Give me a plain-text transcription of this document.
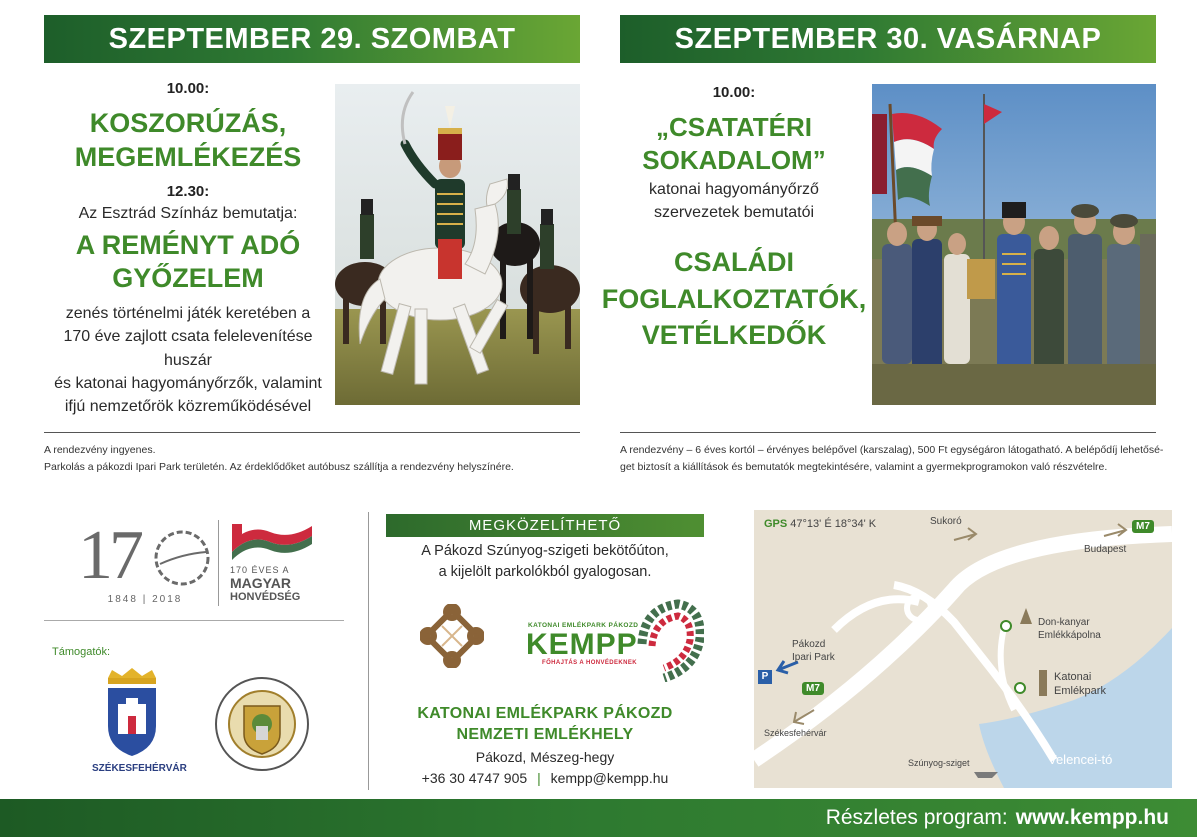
SZEPTEMBER 29. SZOMBAT	SZEPTEMBER 30. VASÁRNAP
10.00:
KOSZORÚZÁS,
MEGEMLÉKEZÉS
12.30:
Az Esztrád Színház bemutatja:
A REMÉNYT ADÓ
GYŐZELEM
zenés történelmi játék keretében a
170 éve zajlott csata felelevenítése huszár
és katonai hagyományőrzők, valamint
ifjú nemzetőrök közreműködésével
10.00:
„CSATATÉRI
SOKADALOM”
katonai hagyományőrző
szervezetek bemutatói
CSALÁDI
FOGLALKOZTATÓK,
VETÉLKEDŐK
A rendezvény ingyenes.
Parkolás a pákozdi Ipari Park területén. Az érdeklődőket autóbusz szállítja a rendezvény helyszínére.
A rendezvény – 6 éves kortól – érvényes belépővel (karszalag), 500 Ft egységáron látogatható. A belépődíj lehetősé-
get biztosít a kiállítások és bemutatók megtekintésére, valamint a gyermekprogramokon való részvételre.
17
1848 | 2018
170 ÉVES A
MAGYAR
HONVÉDSÉG
Támogatók:
SZÉKESFEHÉRVÁR
MEGKÖZELÍTHETŐ
A Pákozd Szúnyog-szigeti bekötőúton,
a kijelölt parkolókból gyalogosan.
KATONAI EMLÉKPARK PÁKOZD
KEMPP
FŐHAJTÁS A HONVÉDEKNEK
KATONAI EMLÉKPARK PÁKOZD
NEMZETI EMLÉKHELY
Pákozd, Mészeg-hegy
+36 30 4747 905 | kempp@kempp.hu
GPS 47°13' É 18°34' K	Sukoró	M7
Budapest
Don-kanyar
Emlékkápolna
Pákozd
Ipari Park
P
M7
Katonai
Emlékpark
Székesfehérvár
Szúnyog-sziget	Velencei-tó
Részletes program: www.kempp.hu
